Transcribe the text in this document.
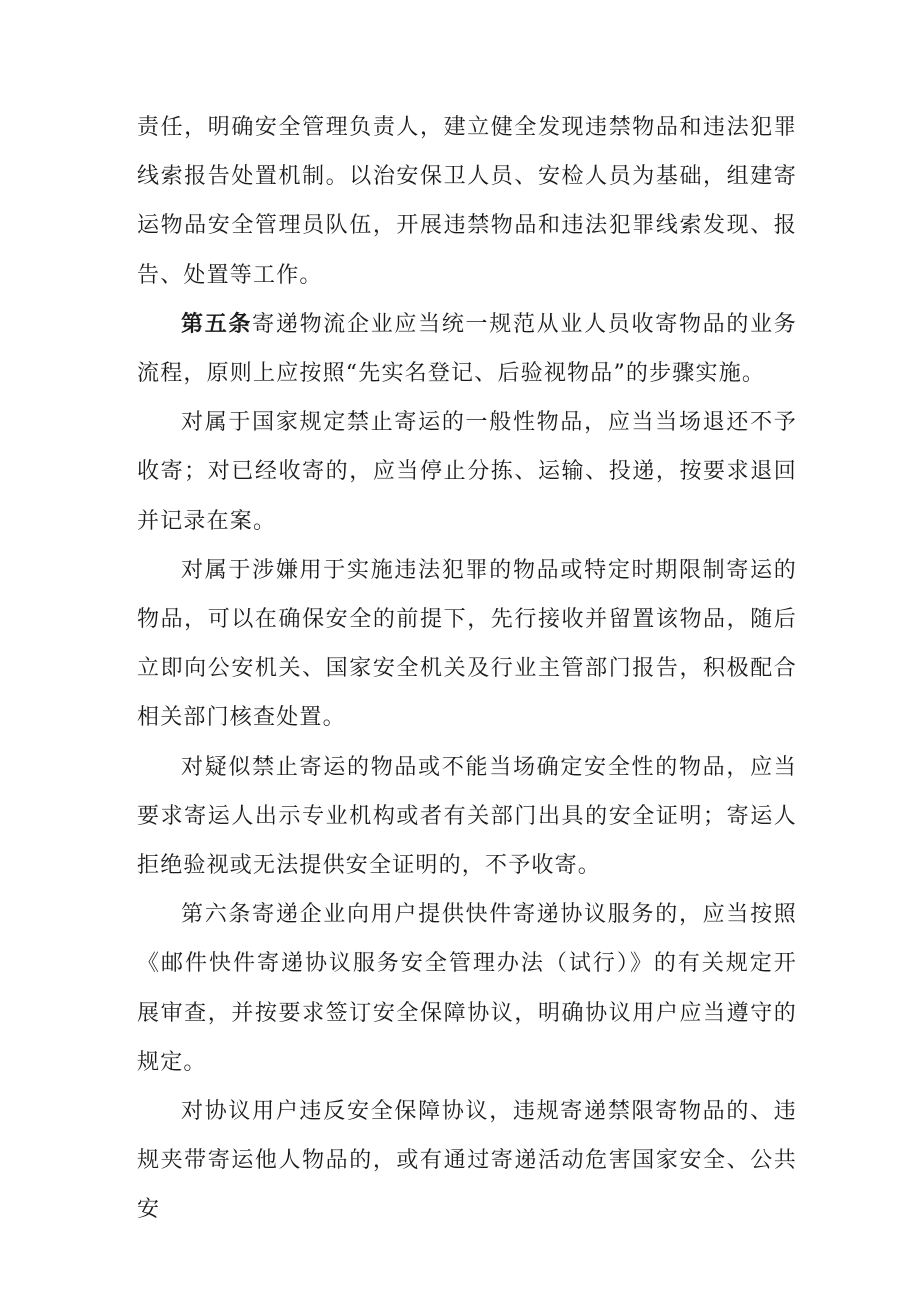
责任，明确安全管理负责人，建立健全发现违禁物品和违法犯罪线索报告处置机制。以治安保卫人员、安检人员为基础，组建寄运物品安全管理员队伍，开展违禁物品和违法犯罪线索发现、报告、处置等工作。

第五条寄递物流企业应当统一规范从业人员收寄物品的业务流程，原则上应按照“先实名登记、后验视物品”的步骤实施。

对属于国家规定禁止寄运的一般性物品，应当当场退还不予收寄；对已经收寄的，应当停止分拣、运输、投递，按要求退回并记录在案。

对属于涉嫌用于实施违法犯罪的物品或特定时期限制寄运的物品，可以在确保安全的前提下，先行接收并留置该物品，随后立即向公安机关、国家安全机关及行业主管部门报告，积极配合相关部门核查处置。

对疑似禁止寄运的物品或不能当场确定安全性的物品，应当要求寄运人出示专业机构或者有关部门出具的安全证明；寄运人拒绝验视或无法提供安全证明的，不予收寄。

第六条寄递企业向用户提供快件寄递协议服务的，应当按照《邮件快件寄递协议服务安全管理办法（试行）》的有关规定开展审查，并按要求签订安全保障协议，明确协议用户应当遵守的规定。

对协议用户违反安全保障协议，违规寄递禁限寄物品的、违规夹带寄运他人物品的，或有通过寄递活动危害国家安全、公共安
